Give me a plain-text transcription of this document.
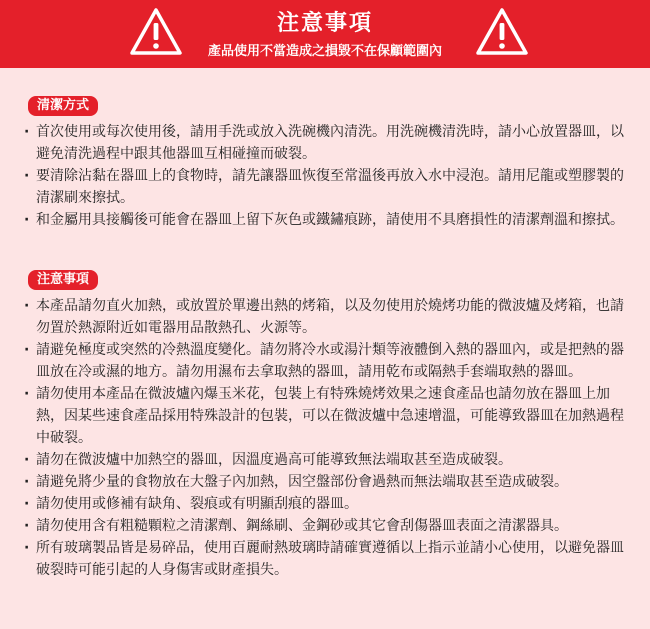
注意事項
產品使用不當造成之損毀不在保顧範圍內
清潔方式
· 首次使用或每次使用後，請用手洗或放入洗碗機內清洗。用洗碗機清洗時，請小心放置器皿，以避免清洗過程中跟其他器皿互相碰撞而破裂。
· 要清除沾黏在器皿上的食物時，請先讓器皿恢復至常溫後再放入水中浸泡。請用尼龍或塑膠製的清潔刷來擦拭。
· 和金屬用具接觸後可能會在器皿上留下灰色或鐵鏽痕跡，請使用不具磨損性的清潔劑溫和擦拭。
注意事項
· 本產品請勿直火加熱，或放置於單邊出熱的烤箱，以及勿使用於燒烤功能的微波爐及烤箱，也請勿置於熱源附近如電器用品散熱孔、火源等。
· 請避免極度或突然的冷熱溫度變化。請勿將冷水或湯汁類等液體倒入熱的器皿內，或是把熱的器皿放在冷或濕的地方。請勿用濕布去拿取熱的器皿，請用乾布或隔熱手套端取熱的器皿。
· 請勿使用本產品在微波爐內爆玉米花，包裝上有特殊燒烤效果之速食產品也請勿放在器皿上加熱，因某些速食產品採用特殊設計的包裝，可以在微波爐中急速增溫，可能導致器皿在加熱過程中破裂。
· 請勿在微波爐中加熱空的器皿，因溫度過高可能導致無法端取甚至造成破裂。
· 請避免將少量的食物放在大盤子內加熱，因空盤部份會過熱而無法端取甚至造成破裂。
· 請勿使用或修補有缺角、裂痕或有明顯刮痕的器皿。
· 請勿使用含有粗糙顆粒之清潔劑、鋼絲刷、金鋼砂或其它會刮傷器皿表面之清潔器具。
· 所有玻璃製品皆是易碎品，使用百麗耐熱玻璃時請確實遵循以上指示並請小心使用，以避免器皿破裂時可能引起的人身傷害或財產損失。
